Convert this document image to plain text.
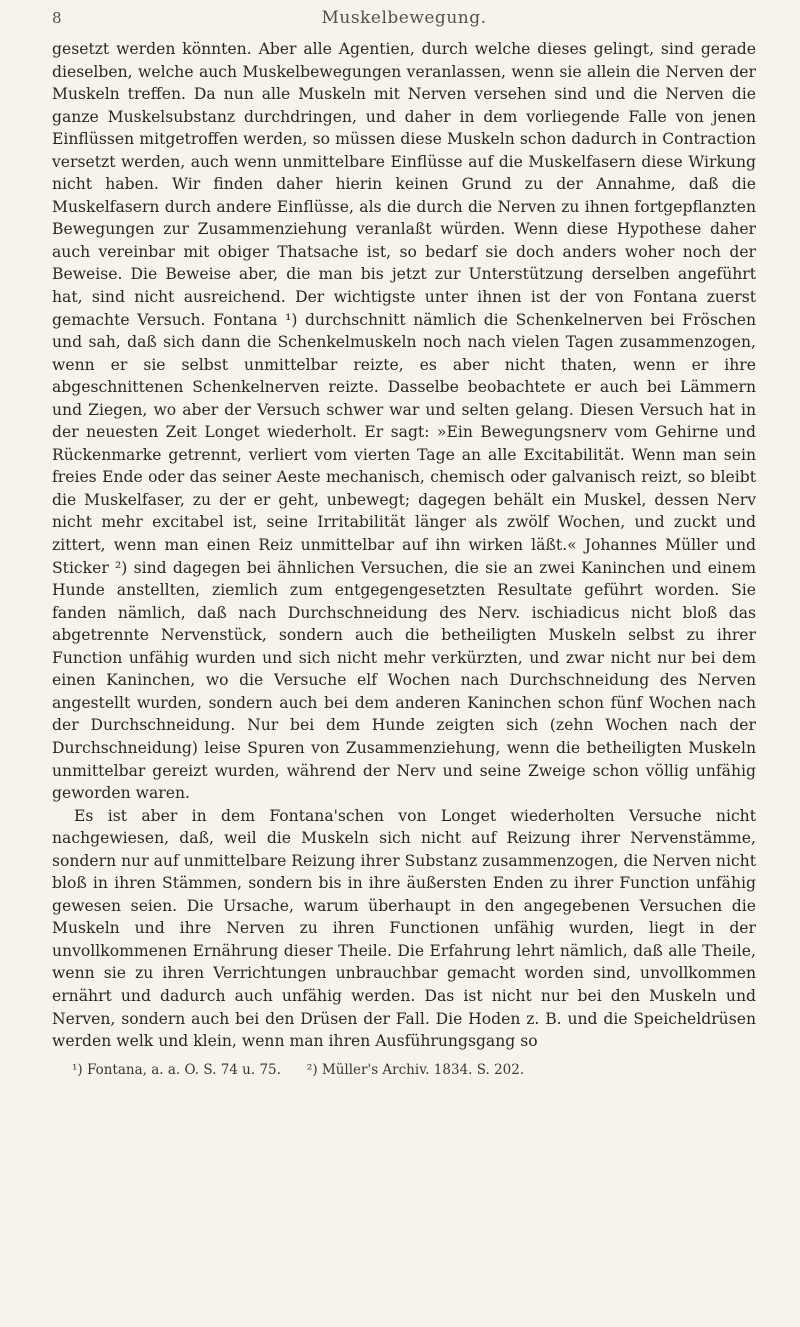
8	Muskelbewegung.

gesetzt werden könnten. Aber alle Agentien, durch welche dieses gelingt, sind gerade dieselben, welche auch Muskelbewegungen veranlassen, wenn sie allein die Nerven der Muskeln treffen. Da nun alle Muskeln mit Nerven versehen sind und die Nerven die ganze Muskelsubstanz durchdringen, und daher in dem vorliegende Falle von jenen Einflüssen mitgetroffen werden, so müssen diese Muskeln schon dadurch in Contraction versetzt werden, auch wenn unmittelbare Einflüsse auf die Muskelfasern diese Wirkung nicht haben. Wir finden daher hierin keinen Grund zu der Annahme, daß die Muskelfasern durch andere Einflüsse, als die durch die Nerven zu ihnen fortgepflanzten Bewegungen zur Zusammenziehung veranlaßt würden. Wenn diese Hypothese daher auch vereinbar mit obiger Thatsache ist, so bedarf sie doch anders woher noch der Beweise. Die Beweise aber, die man bis jetzt zur Unterstützung derselben angeführt hat, sind nicht ausreichend. Der wichtigste unter ihnen ist der von Fontana zuerst gemachte Versuch. Fontana ¹) durchschnitt nämlich die Schenkelnerven bei Fröschen und sah, daß sich dann die Schenkelmuskeln noch nach vielen Tagen zusammenzogen, wenn er sie selbst unmittelbar reizte, es aber nicht thaten, wenn er ihre abgeschnittenen Schenkelnerven reizte. Dasselbe beobachtete er auch bei Lämmern und Ziegen, wo aber der Versuch schwer war und selten gelang. Diesen Versuch hat in der neuesten Zeit Longet wiederholt. Er sagt: »Ein Bewegungsnerv vom Gehirne und Rückenmarke getrennt, verliert vom vierten Tage an alle Excitabilität. Wenn man sein freies Ende oder das seiner Aeste mechanisch, chemisch oder galvanisch reizt, so bleibt die Muskelfaser, zu der er geht, unbewegt; dagegen behält ein Muskel, dessen Nerv nicht mehr excitabel ist, seine Irritabilität länger als zwölf Wochen, und zuckt und zittert, wenn man einen Reiz unmittelbar auf ihn wirken läßt.« Johannes Müller und Sticker ²) sind dagegen bei ähnlichen Versuchen, die sie an zwei Kaninchen und einem Hunde anstellten, ziemlich zum entgegengesetzten Resultate geführt worden. Sie fanden nämlich, daß nach Durchschneidung des Nerv. ischiadicus nicht bloß das abgetrennte Nervenstück, sondern auch die betheiligten Muskeln selbst zu ihrer Function unfähig wurden und sich nicht mehr verkürzten, und zwar nicht nur bei dem einen Kaninchen, wo die Versuche elf Wochen nach Durchschneidung des Nerven angestellt wurden, sondern auch bei dem anderen Kaninchen schon fünf Wochen nach der Durchschneidung. Nur bei dem Hunde zeigten sich (zehn Wochen nach der Durchschneidung) leise Spuren von Zusammenziehung, wenn die betheiligten Muskeln unmittelbar gereizt wurden, während der Nerv und seine Zweige schon völlig unfähig geworden waren.

Es ist aber in dem Fontana'schen von Longet wiederholten Versuche nicht nachgewiesen, daß, weil die Muskeln sich nicht auf Reizung ihrer Nervenstämme, sondern nur auf unmittelbare Reizung ihrer Substanz zusammenzogen, die Nerven nicht bloß in ihren Stämmen, sondern bis in ihre äußersten Enden zu ihrer Function unfähig gewesen seien. Die Ursache, warum überhaupt in den angegebenen Versuchen die Muskeln und ihre Nerven zu ihren Functionen unfähig wurden, liegt in der unvollkommenen Ernährung dieser Theile. Die Erfahrung lehrt nämlich, daß alle Theile, wenn sie zu ihren Verrichtungen unbrauchbar gemacht worden sind, unvollkommen ernährt und dadurch auch unfähig werden. Das ist nicht nur bei den Muskeln und Nerven, sondern auch bei den Drüsen der Fall. Die Hoden z. B. und die Speicheldrüsen werden welk und klein, wenn man ihren Ausführungsgang so

¹) Fontana, a. a. O. S. 74 u. 75. ²) Müller's Archiv. 1834. S. 202.
